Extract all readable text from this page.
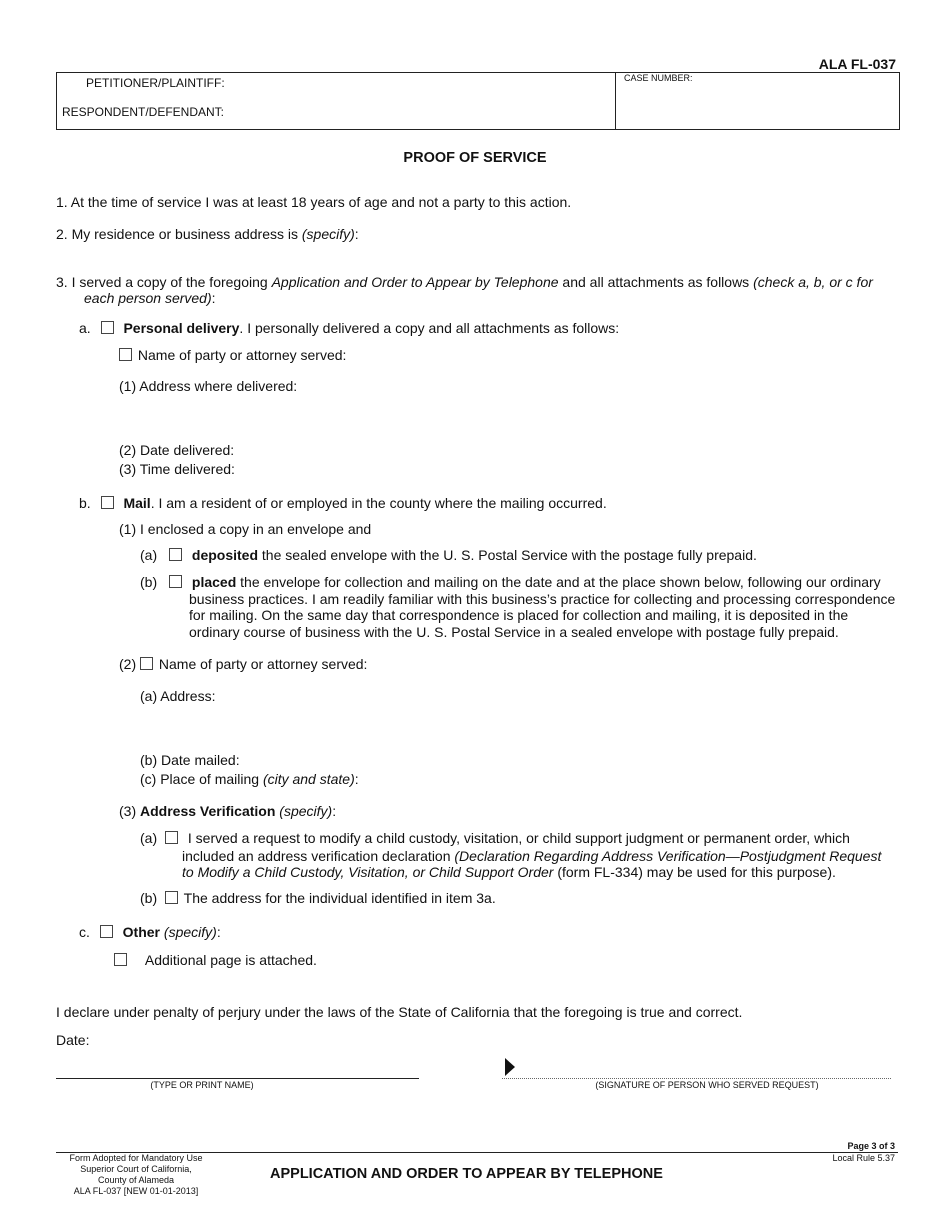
ALA FL-037
PETITIONER/PLAINTIFF:
RESPONDENT/DEFENDANT:
CASE NUMBER:
PROOF OF SERVICE
1. At the time of service I was at least 18 years of age and not a party to this action.
2. My residence or business address is (specify):
3. I served a copy of the foregoing Application and Order to Appear by Telephone and all attachments as follows (check a, b, or c for
each person served):
a. Personal delivery. I personally delivered a copy and all attachments as follows:
Name of party or attorney served:
(1) Address where delivered:
(2) Date delivered:
(3) Time delivered:
b. Mail. I am a resident of or employed in the county where the mailing occurred.
(1) I enclosed a copy in an envelope and
(a) deposited the sealed envelope with the U. S. Postal Service with the postage fully prepaid.
(b) placed the envelope for collection and mailing on the date and at the place shown below, following our ordinary
business practices. I am readily familiar with this business’s practice for collecting and processing correspondence
for mailing. On the same day that correspondence is placed for collection and mailing, it is deposited in the
ordinary course of business with the U. S. Postal Service in a sealed envelope with postage fully prepaid.
(2) Name of party or attorney served:
(a) Address:
(b) Date mailed:
(c) Place of mailing (city and state):
(3) Address Verification (specify):
(a) I served a request to modify a child custody, visitation, or child support judgment or permanent order, which
included an address verification declaration (Declaration Regarding Address Verification—Postjudgment Request
to Modify a Child Custody, Visitation, or Child Support Order (form FL-334) may be used for this purpose).
(b) The address for the individual identified in item 3a.
c. Other (specify):
Additional page is attached.
I declare under penalty of perjury under the laws of the State of California that the foregoing is true and correct.
Date:
(TYPE OR PRINT NAME)	(SIGNATURE OF PERSON WHO SERVED REQUEST)
Page 3 of 3
Local Rule 5.37
Form Adopted for Mandatory Use
Superior Court of California,
County of Alameda
ALA FL-037 [NEW 01-01-2013]
APPLICATION AND ORDER TO APPEAR BY TELEPHONE
